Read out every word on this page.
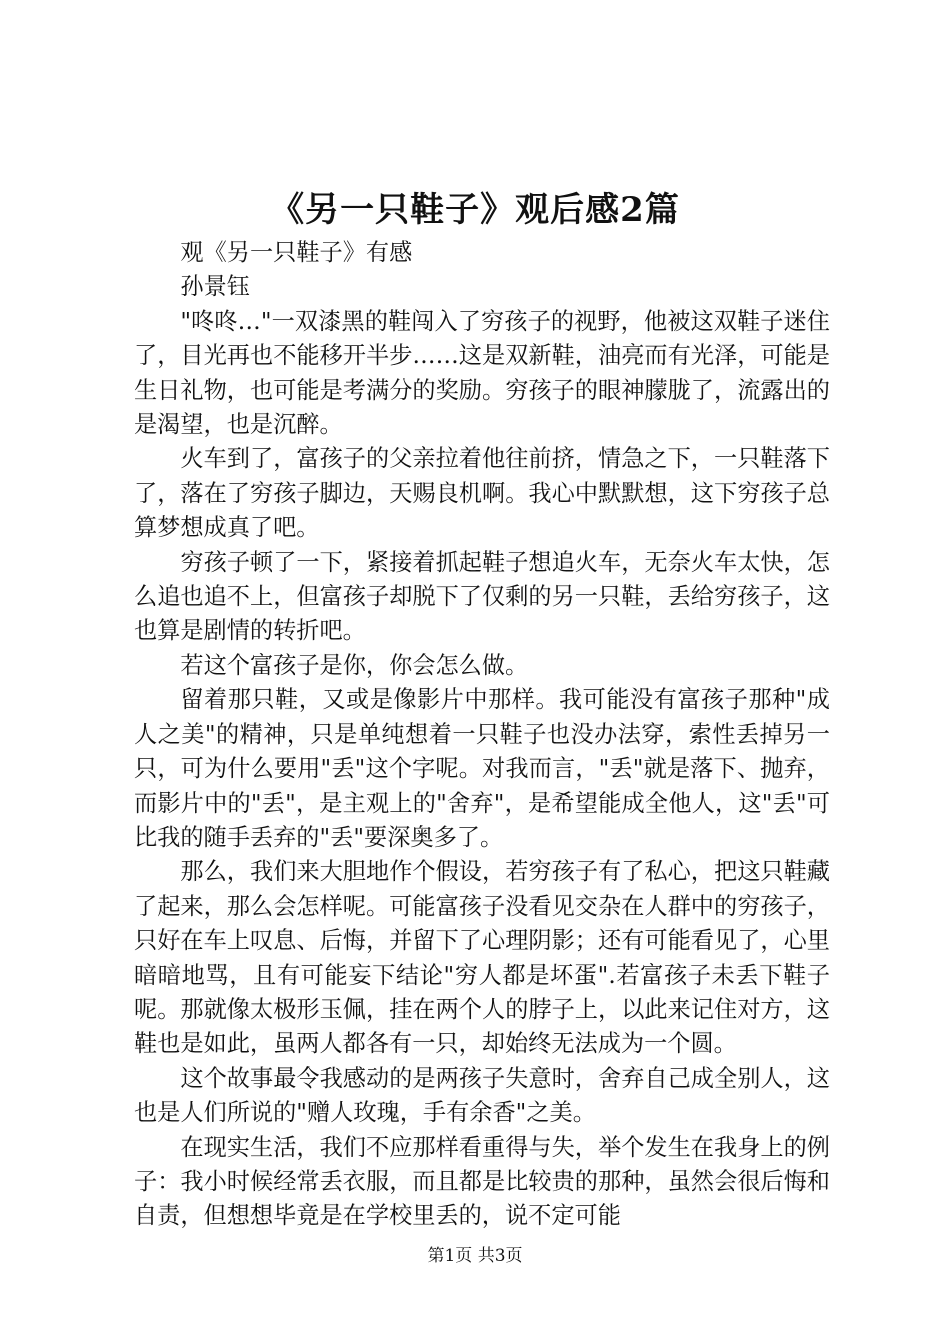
《另一只鞋子》观后感2篇

观《另一只鞋子》有感

孙景钰

"咚咚…"一双漆黑的鞋闯入了穷孩子的视野，他被这双鞋子迷住了，目光再也不能移开半步……这是双新鞋，油亮而有光泽，可能是生日礼物，也可能是考满分的奖励。穷孩子的眼神朦胧了，流露出的是渴望，也是沉醉。

火车到了，富孩子的父亲拉着他往前挤，情急之下，一只鞋落下了，落在了穷孩子脚边，天赐良机啊。我心中默默想，这下穷孩子总算梦想成真了吧。

穷孩子顿了一下，紧接着抓起鞋子想追火车，无奈火车太快，怎么追也追不上，但富孩子却脱下了仅剩的另一只鞋，丢给穷孩子，这也算是剧情的转折吧。

若这个富孩子是你，你会怎么做。

留着那只鞋，又或是像影片中那样。我可能没有富孩子那种"成人之美"的精神，只是单纯想着一只鞋子也没办法穿，索性丢掉另一只，可为什么要用"丢"这个字呢。对我而言，"丢"就是落下、抛弃，而影片中的"丢"，是主观上的"舍弃"，是希望能成全他人，这"丢"可比我的随手丢弃的"丢"要深奥多了。

那么，我们来大胆地作个假设，若穷孩子有了私心，把这只鞋藏了起来，那么会怎样呢。可能富孩子没看见交杂在人群中的穷孩子，只好在车上叹息、后悔，并留下了心理阴影；还有可能看见了，心里暗暗地骂，且有可能妄下结论"穷人都是坏蛋".若富孩子未丢下鞋子呢。那就像太极形玉佩，挂在两个人的脖子上，以此来记住对方，这鞋也是如此，虽两人都各有一只，却始终无法成为一个圆。

这个故事最令我感动的是两孩子失意时，舍弃自己成全别人，这也是人们所说的"赠人玫瑰，手有余香"之美。

在现实生活，我们不应那样看重得与失，举个发生在我身上的例子：我小时候经常丢衣服，而且都是比较贵的那种，虽然会很后悔和自责，但想想毕竟是在学校里丢的，说不定可能

第1页 共3页
